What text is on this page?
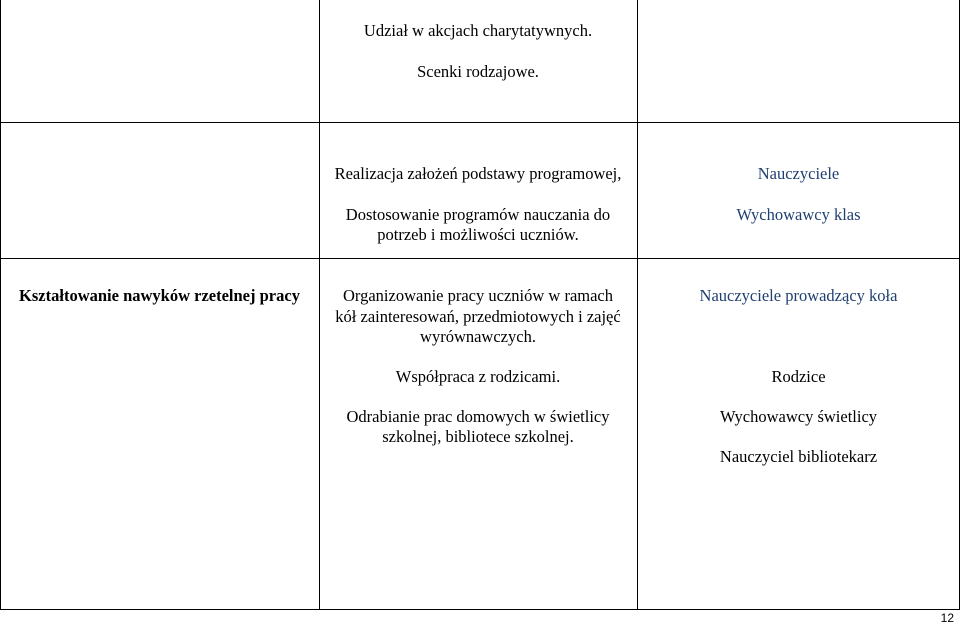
Udział w akcjach charytatywnych.
Scenki rodzajowe.
Realizacja założeń podstawy programowej,
Dostosowanie programów nauczania do
potrzeb i możliwości uczniów.
Nauczyciele
Wychowawcy klas
Kształtowanie nawyków rzetelnej pracy	Organizowanie pracy uczniów w ramach
kół zainteresowań, przedmiotowych i zajęć
wyrównawczych.
Współpraca z rodzicami.
Odrabianie prac domowych w świetlicy
szkolnej, bibliotece szkolnej.
Nauczyciele prowadzący koła
Rodzice
Wychowawcy świetlicy
Nauczyciel bibliotekarz
12
